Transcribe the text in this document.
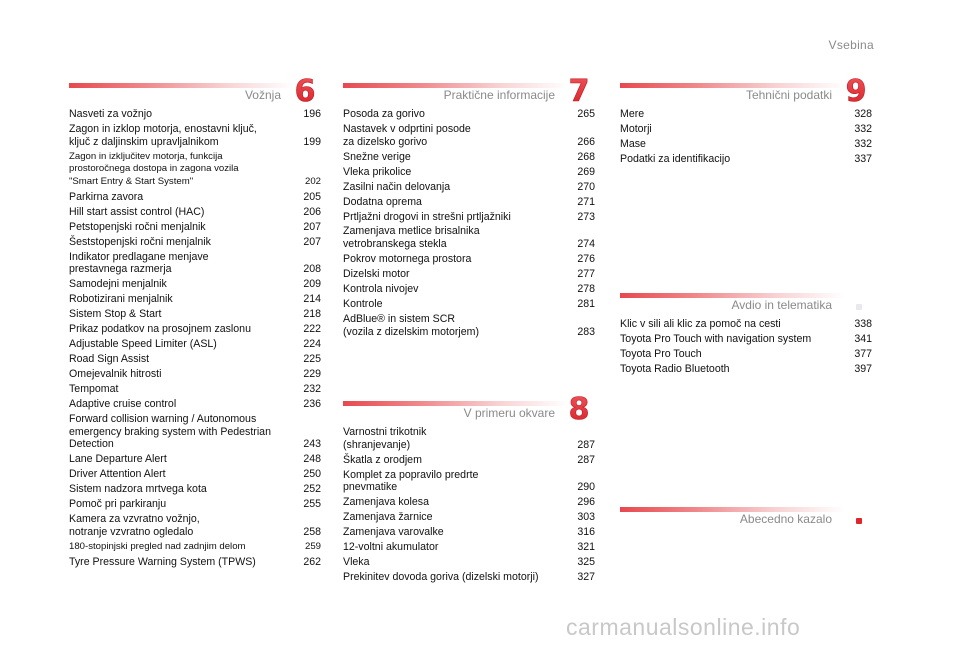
Vsebina
Vožnja 6
Nasveti za vožnjo	196
Zagon in izklop motorja, enostavni ključ,
ključ z daljinskim upravljalnikom	199
Zagon in izključitev motorja, funkcija
prostoročnega dostopa in zagona vozila
"Smart Entry & Start System"	202
Parkirna zavora	205
Hill start assist control (HAC)	206
Petstopenjski ročni menjalnik	207
Šeststopenjski ročni menjalnik	207
Indikator predlagane menjave
prestavnega razmerja	208
Samodejni menjalnik	209
Robotizirani menjalnik	214
Sistem Stop & Start	218
Prikaz podatkov na prosojnem zaslonu	222
Adjustable Speed Limiter (ASL)	224
Road Sign Assist	225
Omejevalnik hitrosti	229
Tempomat	232
Adaptive cruise control	236
Forward collision warning / Autonomous
emergency braking system with Pedestrian
Detection	243
Lane Departure Alert	248
Driver Attention Alert	250
Sistem nadzora mrtvega kota	252
Pomoč pri parkiranju	255
Kamera za vzvratno vožnjo,
notranje vzvratno ogledalo	258
180-stopinjski pregled nad zadnjim delom	259
Tyre Pressure Warning System (TPWS)	262
Praktične informacije 7
Posoda za gorivo	265
Nastavek v odprtini posode
za dizelsko gorivo	266
Snežne verige	268
Vleka prikolice	269
Zasilni način delovanja	270
Dodatna oprema	271
Prtljažni drogovi in strešni prtljažniki	273
Zamenjava metlice brisalnika
vetrobranskega stekla	274
Pokrov motornega prostora	276
Dizelski motor	277
Kontrola nivojev	278
Kontrole	281
AdBlue® in sistem SCR
(vozila z dizelskim motorjem)	283
V primeru okvare 8
Varnostni trikotnik
(shranjevanje)	287
Škatla z orodjem	287
Komplet za popravilo predrte
pnevmatike	290
Zamenjava kolesa	296
Zamenjava žarnice	303
Zamenjava varovalke	316
12-voltni akumulator	321
Vleka	325
Prekinitev dovoda goriva (dizelski motorji)	327
Tehnični podatki 9
Mere	328
Motorji	332
Mase	332
Podatki za identifikacijo	337
Avdio in telematika
Klic v sili ali klic za pomoč na cesti	338
Toyota Pro Touch with navigation system	341
Toyota Pro Touch	377
Toyota Radio Bluetooth	397
Abecedno kazalo
carmanualsonline.info
